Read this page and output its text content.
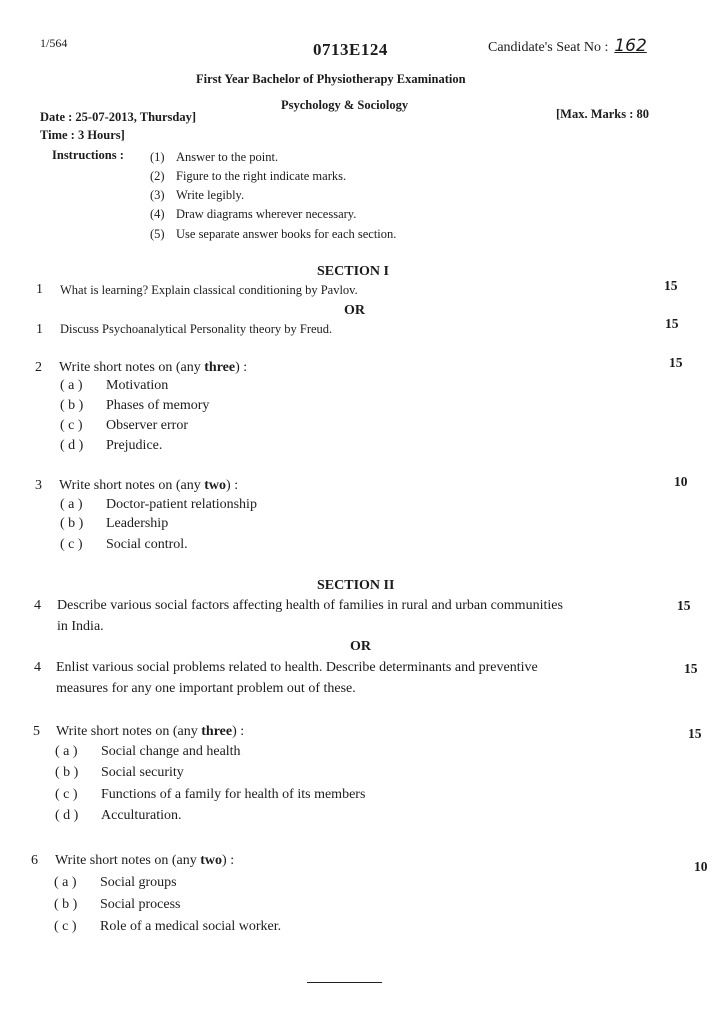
1/564	0713E124	Candidate's Seat No : 162
First Year Bachelor of Physiotherapy Examination
Psychology & Sociology
Date : 25-07-2013, Thursday]
Time : 3 Hours]
[Max. Marks : 80
Instructions : (1) Answer to the point.
(2) Figure to the right indicate marks.
(3) Write legibly.
(4) Draw diagrams wherever necessary.
(5) Use separate answer books for each section.
SECTION I
1 What is learning? Explain classical conditioning by Pavlov.	15
OR
1 Discuss Psychoanalytical Personality theory by Freud.	15
2 Write short notes on (any three) :	15
( a ) Motivation
( b ) Phases of memory
( c ) Observer error
( d ) Prejudice.
3 Write short notes on (any two) :	10
( a ) Doctor-patient relationship
( b ) Leadership
( c ) Social control.
SECTION II
4 Describe various social factors affecting health of families in rural and urban communities
in India.
15
OR
4 Enlist various social problems related to health. Describe determinants and preventive
measures for any one important problem out of these.
15
5 Write short notes on (any three) :	15
( a ) Social change and health
( b ) Social security
( c ) Functions of a family for health of its members
( d ) Acculturation.
6 Write short notes on (any two) :	10
( a ) Social groups
( b ) Social process
( c ) Role of a medical social worker.
